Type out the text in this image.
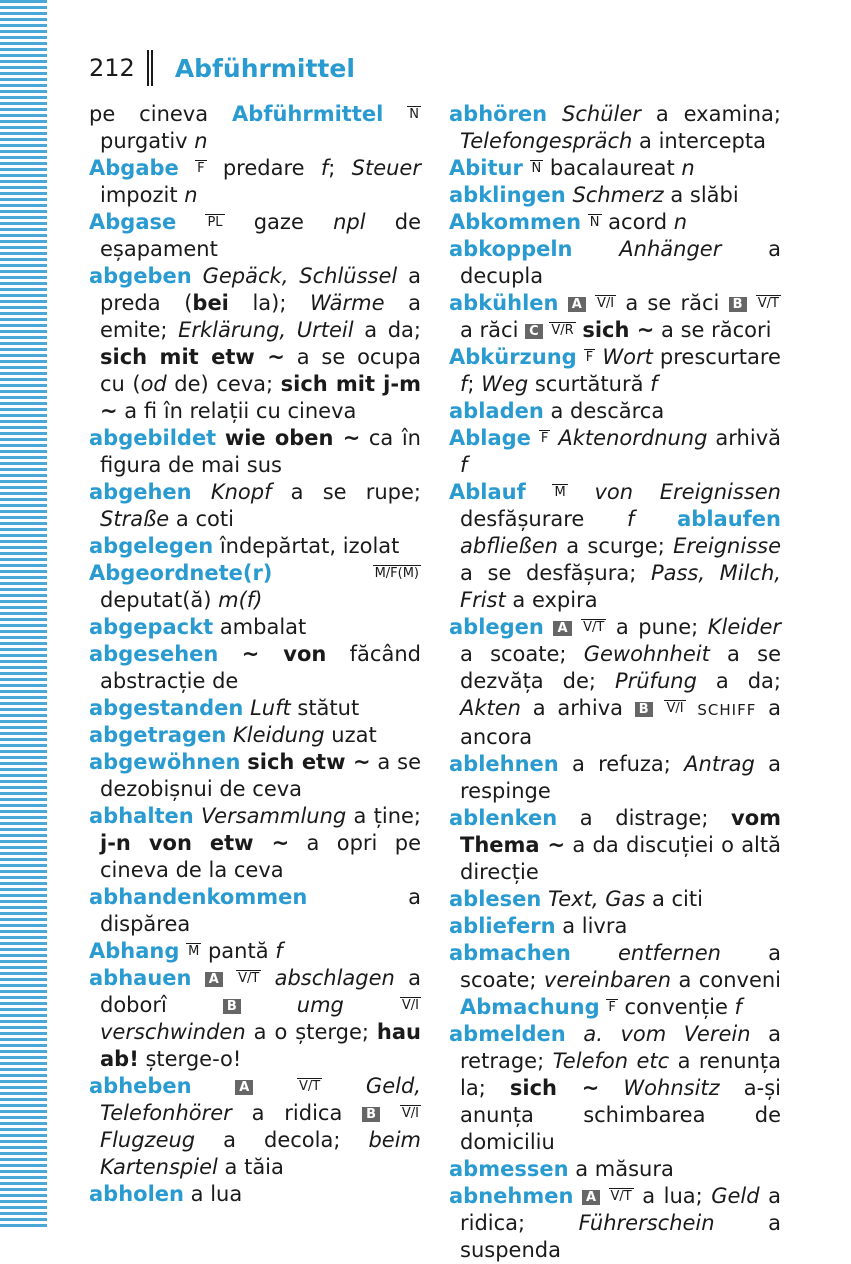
212 Abführmittel

pe cineva Abführmittel N purgativ n

Abgabe F predare f; Steuer impozit n

Abgase PL gaze npl de eșapament

abgeben Gepäck, Schlüssel a preda (bei la); Wärme a emite; Erklärung, Urteil a da; sich mit etw ~ a se ocupa cu (od de) ceva; sich mit j-m ~ a fi în relații cu cineva

abgebildet wie oben ~ ca în figura de mai sus

abgehen Knopf a se rupe; Straße a coti

abgelegen îndepărtat, izolat

Abgeordnete(r)	M/F(M) deputat(ă) m(f)

abgepackt ambalat

abgesehen ~ von făcând abstracție de

abgestanden Luft stătut

abgetragen Kleidung uzat

abgewöhnen sich etw ~ a se dezobișnui de ceva

abhalten Versammlung a ține; j-n von etw ~ a opri pe cineva de la ceva

abhandenkommen a dispărea

Abhang M pantă f

abhauen A V/T abschlagen a doborî B	umg	V/I verschwinden a o șterge; hau ab! șterge-o!

abheben	A	V/T Geld, Telefonhörer a ridica B V/I Flugzeug a decola; beim Kartenspiel a tăia

abholen a lua

abhören Schüler a examina; Telefongespräch a intercepta

Abitur N bacalaureat n

abklingen Schmerz a slăbi

Abkommen N acord n

abkoppeln Anhänger a decupla

abkühlen A V/I a se răci B V/T a răci C V/R sich ~ a se răcori

Abkürzung F Wort prescurtare f; Weg scurtătură f

abladen a descărca

Ablage F Aktenordnung arhivă f

Ablauf M von Ereignissen desfășurare f ablaufen abfließen a scurge; Ereignisse a se desfășura; Pass, Milch, Frist a expira

ablegen A V/T a pune; Kleider a scoate; Gewohnheit a se dezvăța de; Prüfung a da; Akten a arhiva B V/I SCHIFF a ancora

ablehnen a refuza; Antrag a respinge

ablenken a distrage; vom Thema ~ a da discuției o altă direcție

ablesen Text, Gas a citi

abliefern a livra

abmachen entfernen a scoate; vereinbaren a conveni Abmachung F convenție f

abmelden a. vom Verein a retrage; Telefon etc a renunța la; sich ~ Wohnsitz a-și anunța schimbarea de domiciliu

abmessen a măsura

abnehmen A V/T a lua; Geld a ridica; Führerschein a suspenda
